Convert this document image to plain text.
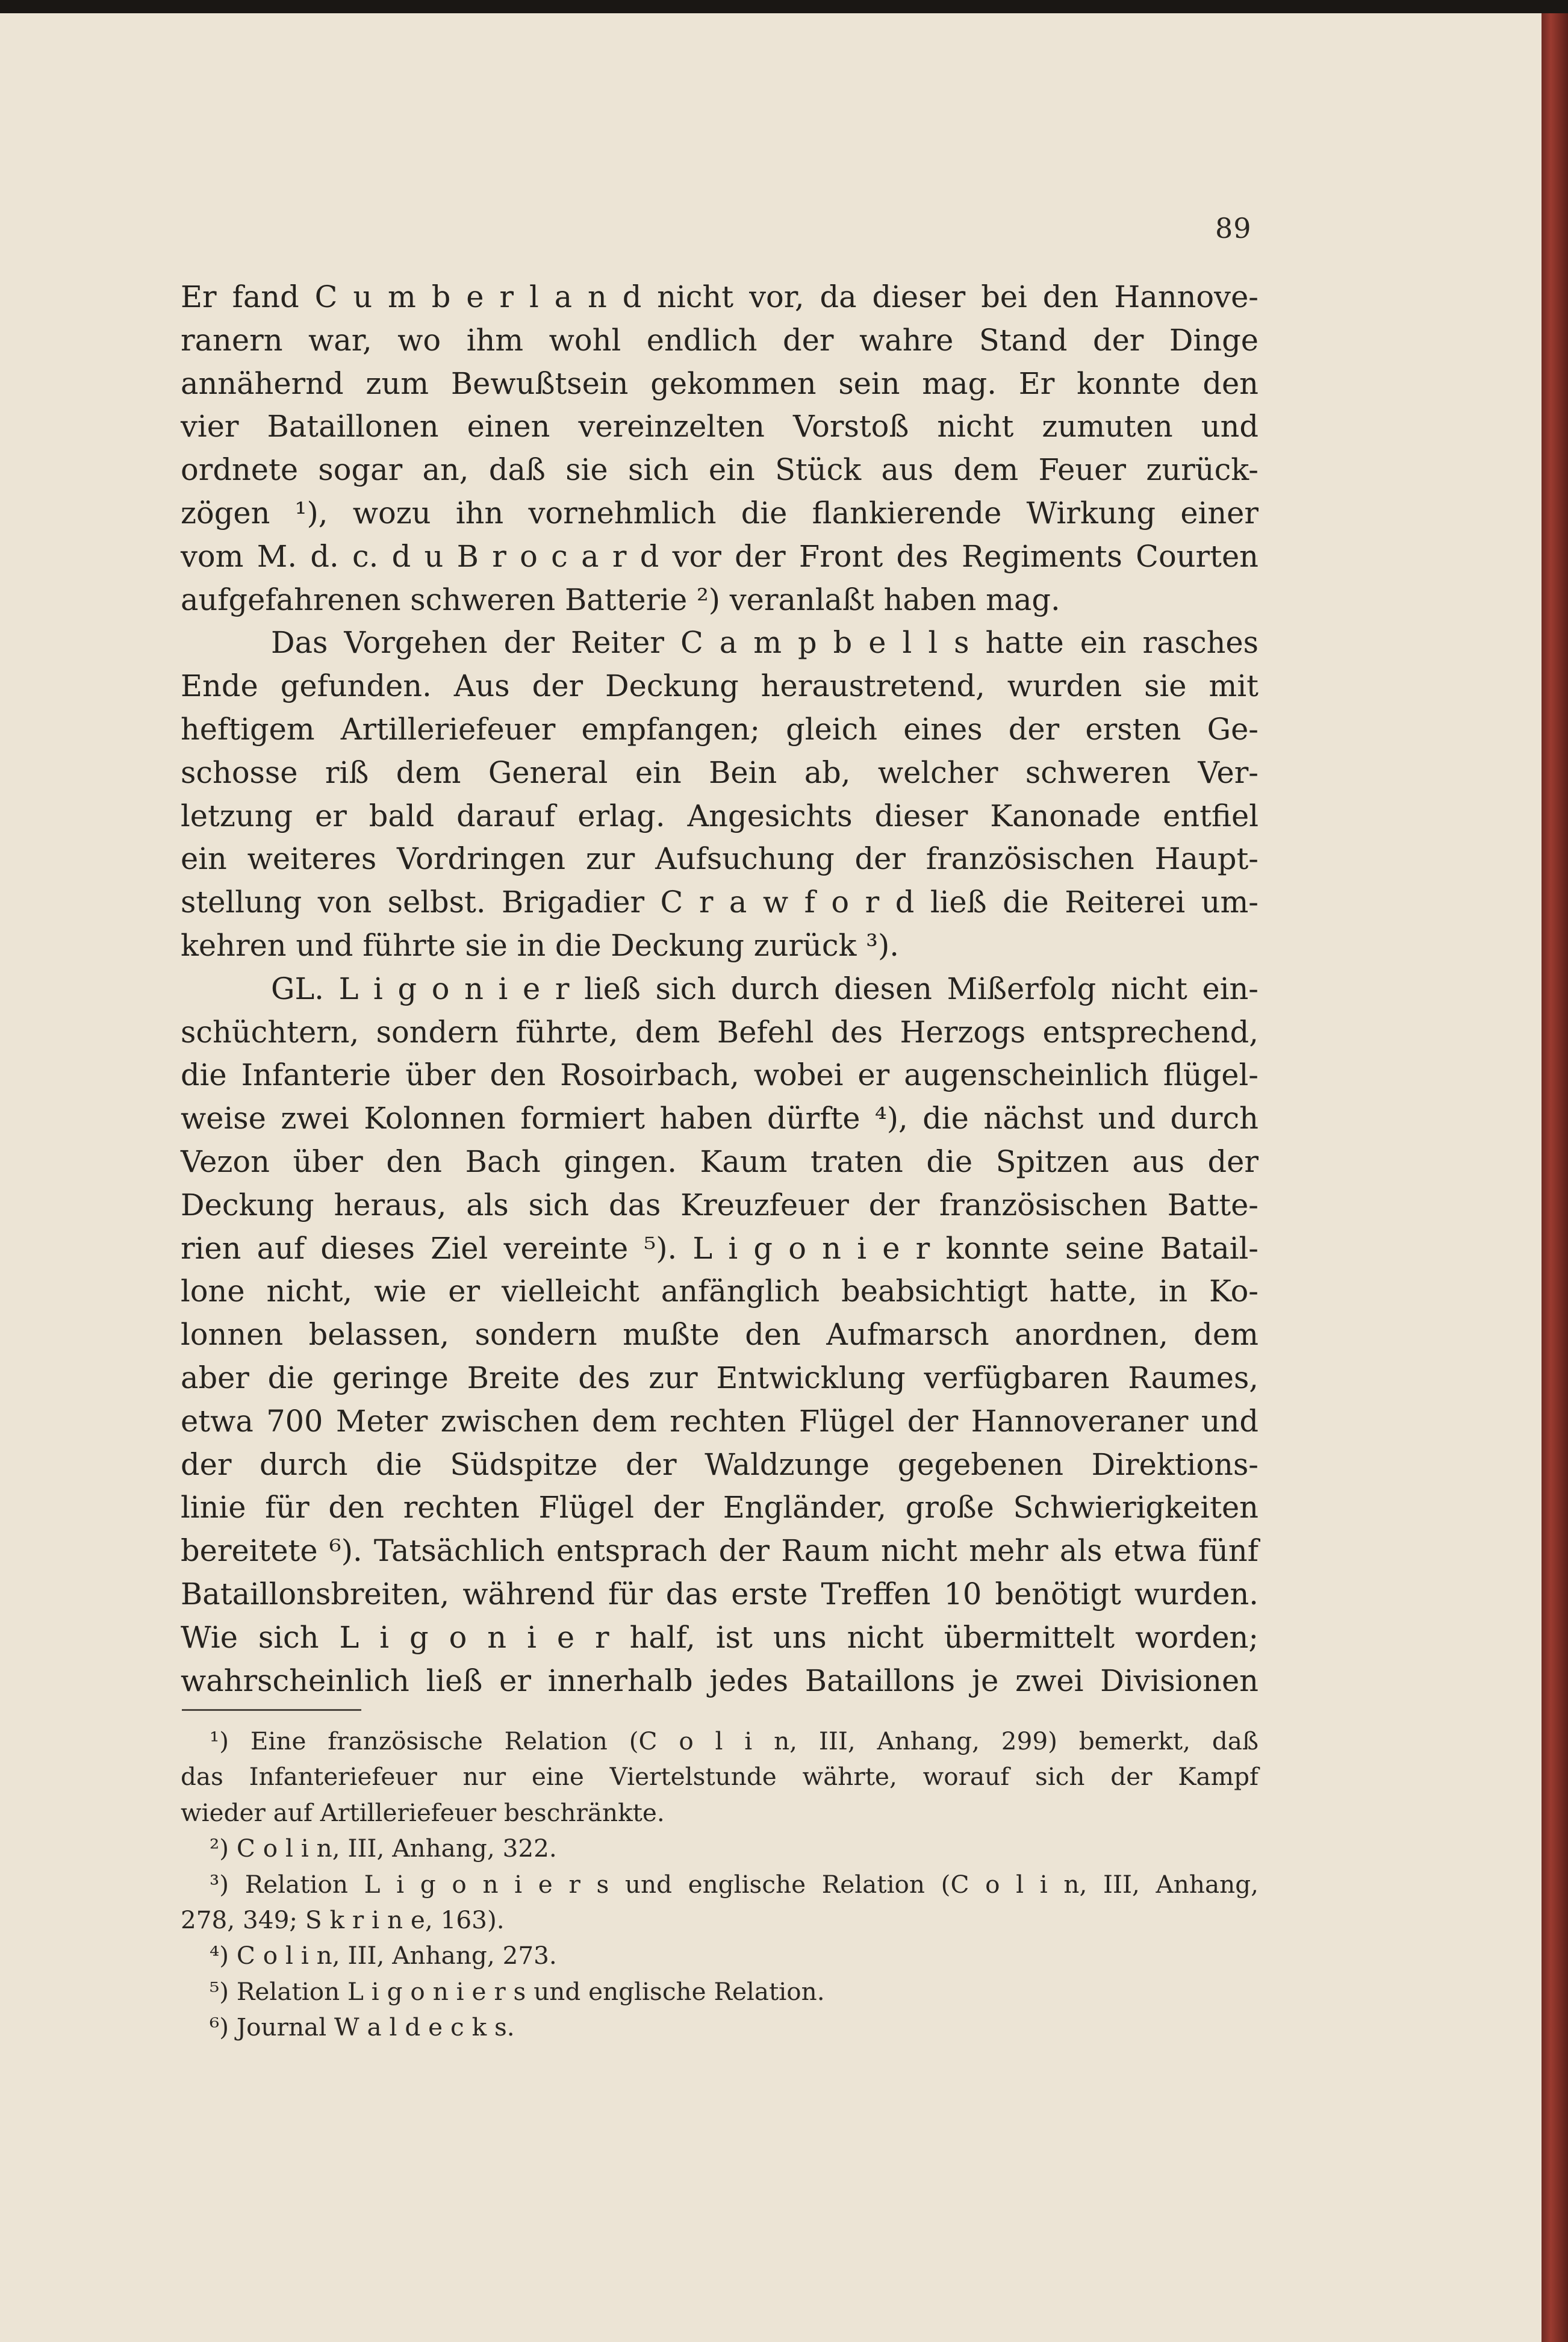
89
Er fand C u m b e r l a n d nicht vor, da dieser bei den Hannove-
ranern war, wo ihm wohl endlich der wahre Stand der Dinge
annähernd zum Bewußtsein gekommen sein mag. Er konnte den
vier Bataillonen einen vereinzelten Vorstoß nicht zumuten und
ordnete sogar an, daß sie sich ein Stück aus dem Feuer zurück-
zögen ¹), wozu ihn vornehmlich die flankierende Wirkung einer
vom M. d. c. d u B r o c a r d vor der Front des Regiments Courten
aufgefahrenen schweren Batterie ²) veranlaßt haben mag.
Das Vorgehen der Reiter C a m p b e l l s hatte ein rasches
Ende gefunden. Aus der Deckung heraustretend, wurden sie mit
heftigem Artilleriefeuer empfangen; gleich eines der ersten Ge-
schosse riß dem General ein Bein ab, welcher schweren Ver-
letzung er bald darauf erlag. Angesichts dieser Kanonade entfiel
ein weiteres Vordringen zur Aufsuchung der französischen Haupt-
stellung von selbst. Brigadier C r a w f o r d ließ die Reiterei um-
kehren und führte sie in die Deckung zurück ³).
GL. L i g o n i e r ließ sich durch diesen Mißerfolg nicht ein-
schüchtern, sondern führte, dem Befehl des Herzogs entsprechend,
die Infanterie über den Rosoirbach, wobei er augenscheinlich flügel-
weise zwei Kolonnen formiert haben dürfte ⁴), die nächst und durch
Vezon über den Bach gingen. Kaum traten die Spitzen aus der
Deckung heraus, als sich das Kreuzfeuer der französischen Batte-
rien auf dieses Ziel vereinte ⁵). L i g o n i e r konnte seine Batail-
lone nicht, wie er vielleicht anfänglich beabsichtigt hatte, in Ko-
lonnen belassen, sondern mußte den Aufmarsch anordnen, dem
aber die geringe Breite des zur Entwicklung verfügbaren Raumes,
etwa 700 Meter zwischen dem rechten Flügel der Hannoveraner und
der durch die Südspitze der Waldzunge gegebenen Direktions-
linie für den rechten Flügel der Engländer, große Schwierigkeiten
bereitete ⁶). Tatsächlich entsprach der Raum nicht mehr als etwa fünf
Bataillonsbreiten, während für das erste Treffen 10 benötigt wurden.
Wie sich L i g o n i e r half, ist uns nicht übermittelt worden;
wahrscheinlich ließ er innerhalb jedes Bataillons je zwei Divisionen
¹) Eine französische Relation (C o l i n, III, Anhang, 299) bemerkt, daß
das Infanteriefeuer nur eine Viertelstunde währte, worauf sich der Kampf
wieder auf Artilleriefeuer beschränkte.
²) C o l i n, III, Anhang, 322.
³) Relation L i g o n i e r s und englische Relation (C o l i n, III, Anhang,
278, 349; S k r i n e, 163).
⁴) C o l i n, III, Anhang, 273.
⁵) Relation L i g o n i e r s und englische Relation.
⁶) Journal W a l d e c k s.
